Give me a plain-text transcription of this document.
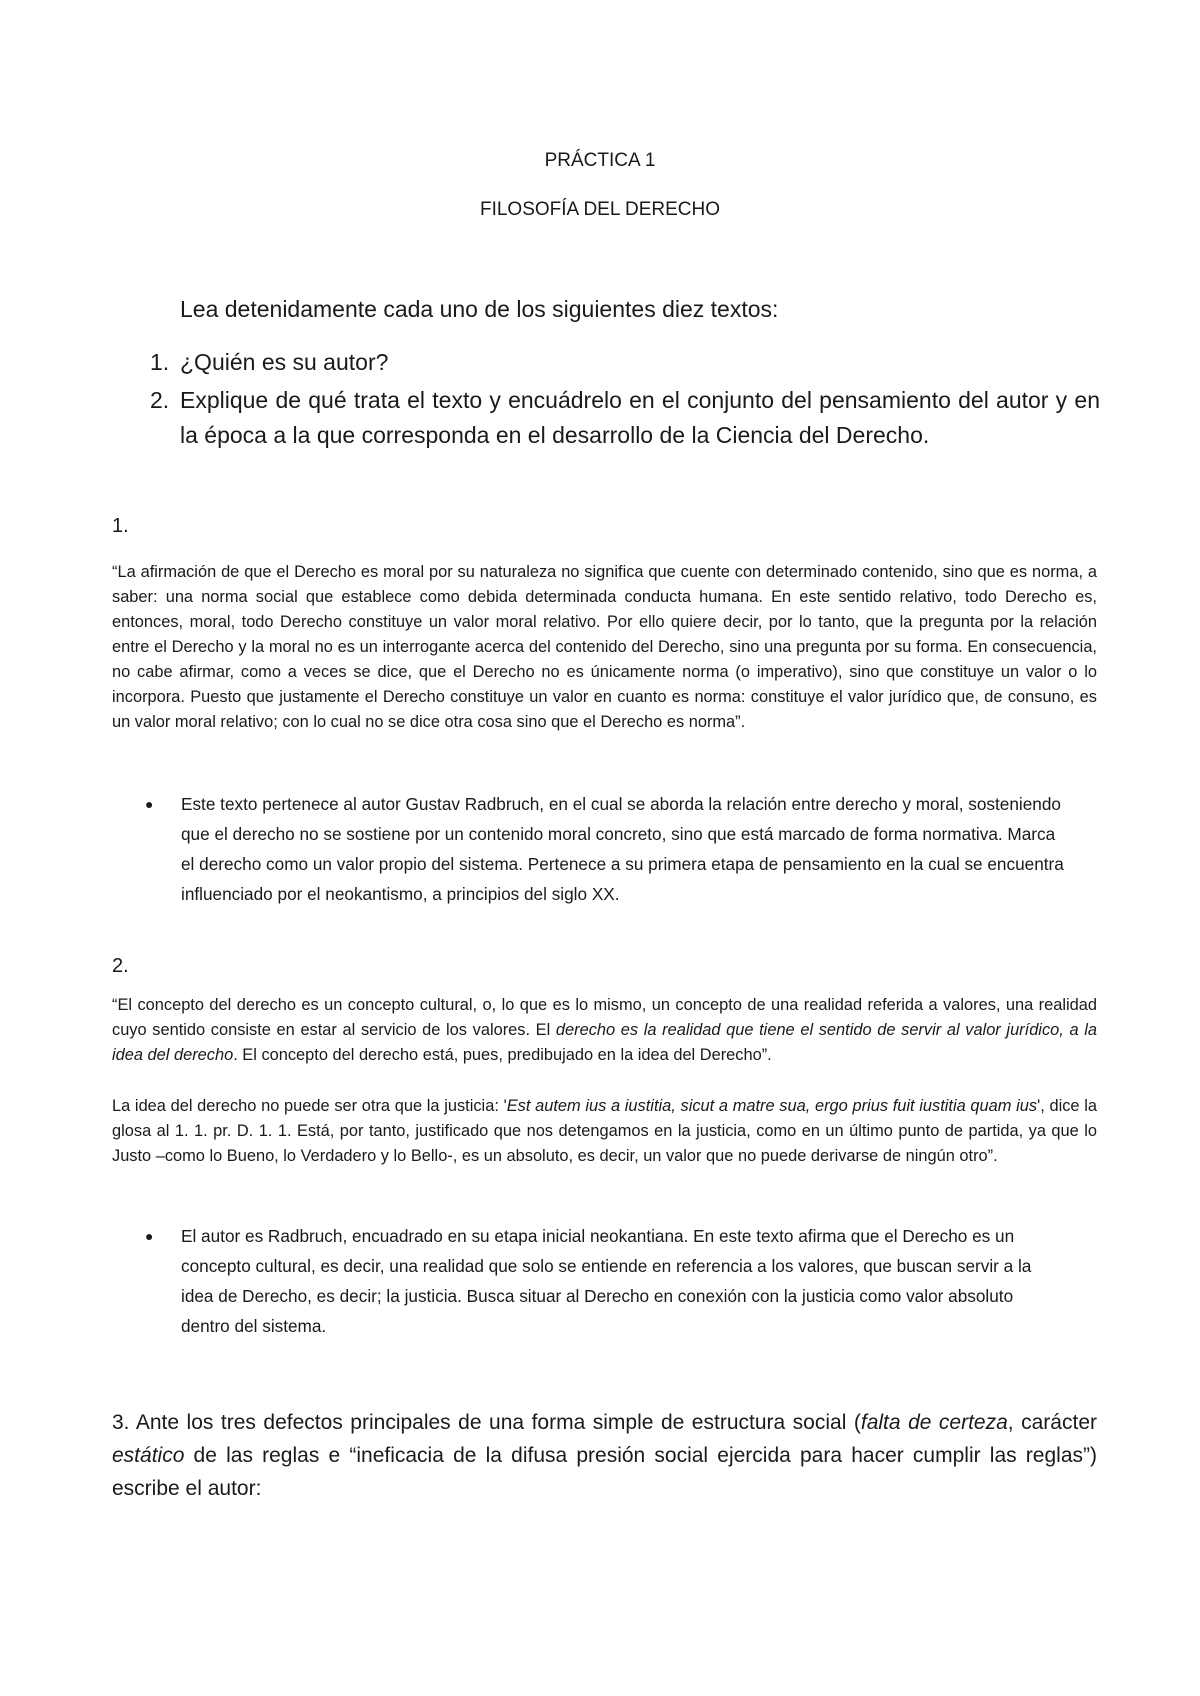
PRÁCTICA 1
FILOSOFÍA DEL DERECHO
Lea detenidamente cada uno de los siguientes diez textos:
1. ¿Quién es su autor?
2. Explique de qué trata el texto y encuádrelo en el conjunto del pensamiento del autor y en la época a la que corresponda en el desarrollo de la Ciencia del Derecho.
1.
“La afirmación de que el Derecho es moral por su naturaleza no significa que cuente con determinado contenido, sino que es norma, a saber: una norma social que establece como debida determinada conducta humana. En este sentido relativo, todo Derecho es, entonces, moral, todo Derecho constituye un valor moral relativo. Por ello quiere decir, por lo tanto, que la pregunta por la relación entre el Derecho y la moral no es un interrogante acerca del contenido del Derecho, sino una pregunta por su forma. En consecuencia, no cabe afirmar, como a veces se dice, que el Derecho no es únicamente norma (o imperativo), sino que constituye un valor o lo incorpora. Puesto que justamente el Derecho constituye un valor en cuanto es norma: constituye el valor jurídico que, de consuno, es un valor moral relativo; con lo cual no se dice otra cosa sino que el Derecho es norma”.
●	Este texto pertenece al autor Gustav Radbruch, en el cual se aborda la relación entre derecho y moral, sosteniendo que el derecho no se sostiene por un contenido moral concreto, sino que está marcado de forma normativa. Marca el derecho como un valor propio del sistema. Pertenece a su primera etapa de pensamiento en la cual se encuentra influenciado por el neokantismo, a principios del siglo XX.
2.
“El concepto del derecho es un concepto cultural, o, lo que es lo mismo, un concepto de una realidad referida a valores, una realidad cuyo sentido consiste en estar al servicio de los valores. El derecho es la realidad que tiene el sentido de servir al valor jurídico, a la idea del derecho. El concepto del derecho está, pues, predibujado en la idea del Derecho”.
La idea del derecho no puede ser otra que la justicia: 'Est autem ius a iustitia, sicut a matre sua, ergo prius fuit iustitia quam ius', dice la glosa al 1. 1. pr. D. 1. 1. Está, por tanto, justificado que nos detengamos en la justicia, como en un último punto de partida, ya que lo Justo –como lo Bueno, lo Verdadero y lo Bello-, es un absoluto, es decir, un valor que no puede derivarse de ningún otro”.
●	El autor es Radbruch, encuadrado en su etapa inicial neokantiana. En este texto afirma que el Derecho es un concepto cultural, es decir, una realidad que solo se entiende en referencia a los valores, que buscan servir a la idea de Derecho, es decir; la justicia. Busca situar al Derecho en conexión con la justicia como valor absoluto dentro del sistema.
3. Ante los tres defectos principales de una forma simple de estructura social (falta de certeza, carácter estático de las reglas e “ineficacia de la difusa presión social ejercida para hacer cumplir las reglas”) escribe el autor:
